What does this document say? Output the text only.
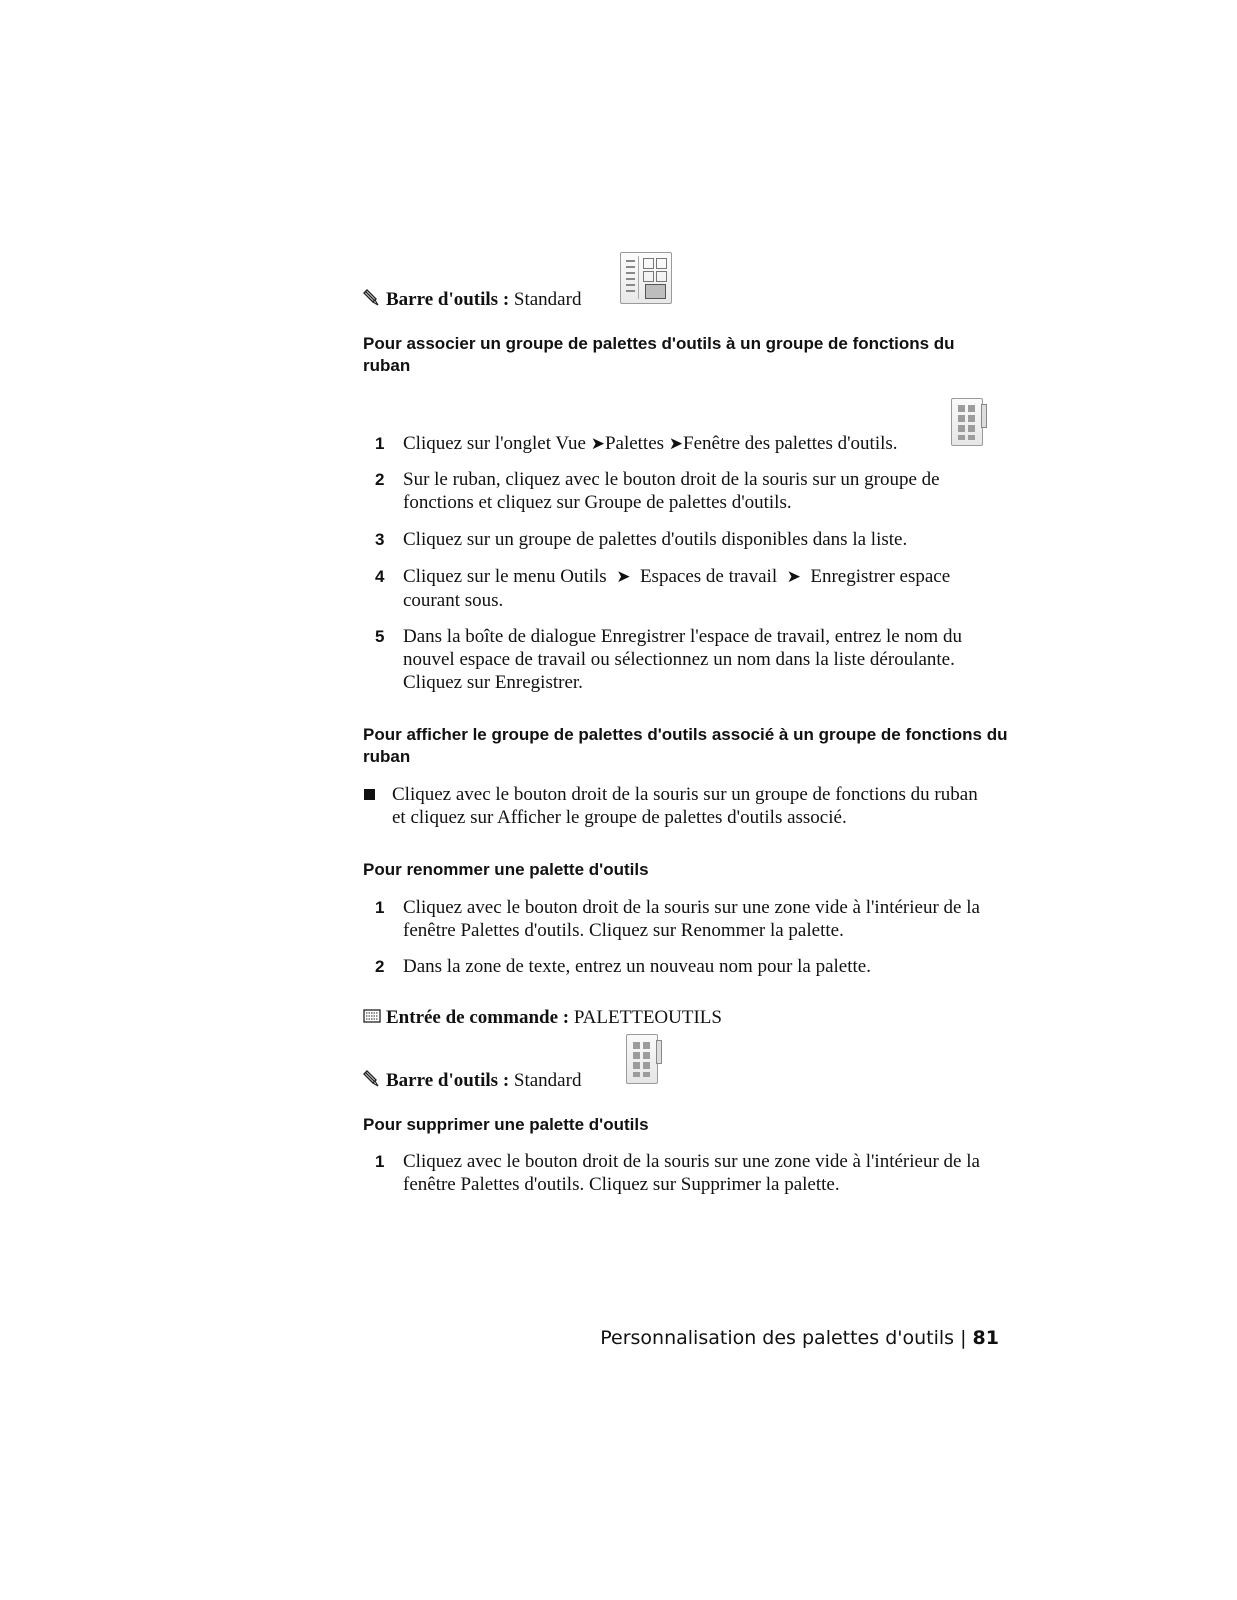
Barre d'outils : Standard
Pour associer un groupe de palettes d'outils à un groupe de fonctions du ruban
1 Cliquez sur l'onglet Vue ➤Palettes ➤Fenêtre des palettes d'outils.
2 Sur le ruban, cliquez avec le bouton droit de la souris sur un groupe de fonctions et cliquez sur Groupe de palettes d'outils.
3 Cliquez sur un groupe de palettes d'outils disponibles dans la liste.
4 Cliquez sur le menu Outils ➤ Espaces de travail ➤ Enregistrer espace
courant sous.
5 Dans la boîte de dialogue Enregistrer l'espace de travail, entrez le nom du nouvel espace de travail ou sélectionnez un nom dans la liste déroulante. Cliquez sur Enregistrer.
Pour afficher le groupe de palettes d'outils associé à un groupe de fonctions du ruban
Cliquez avec le bouton droit de la souris sur un groupe de fonctions du ruban et cliquez sur Afficher le groupe de palettes d'outils associé.
Pour renommer une palette d'outils
1 Cliquez avec le bouton droit de la souris sur une zone vide à l'intérieur de la fenêtre Palettes d'outils. Cliquez sur Renommer la palette.
2 Dans la zone de texte, entrez un nouveau nom pour la palette.
Entrée de commande : PALETTEOUTILS
Barre d'outils : Standard
Pour supprimer une palette d'outils
1 Cliquez avec le bouton droit de la souris sur une zone vide à l'intérieur de la fenêtre Palettes d'outils. Cliquez sur Supprimer la palette.
Personnalisation des palettes d'outils | 81
